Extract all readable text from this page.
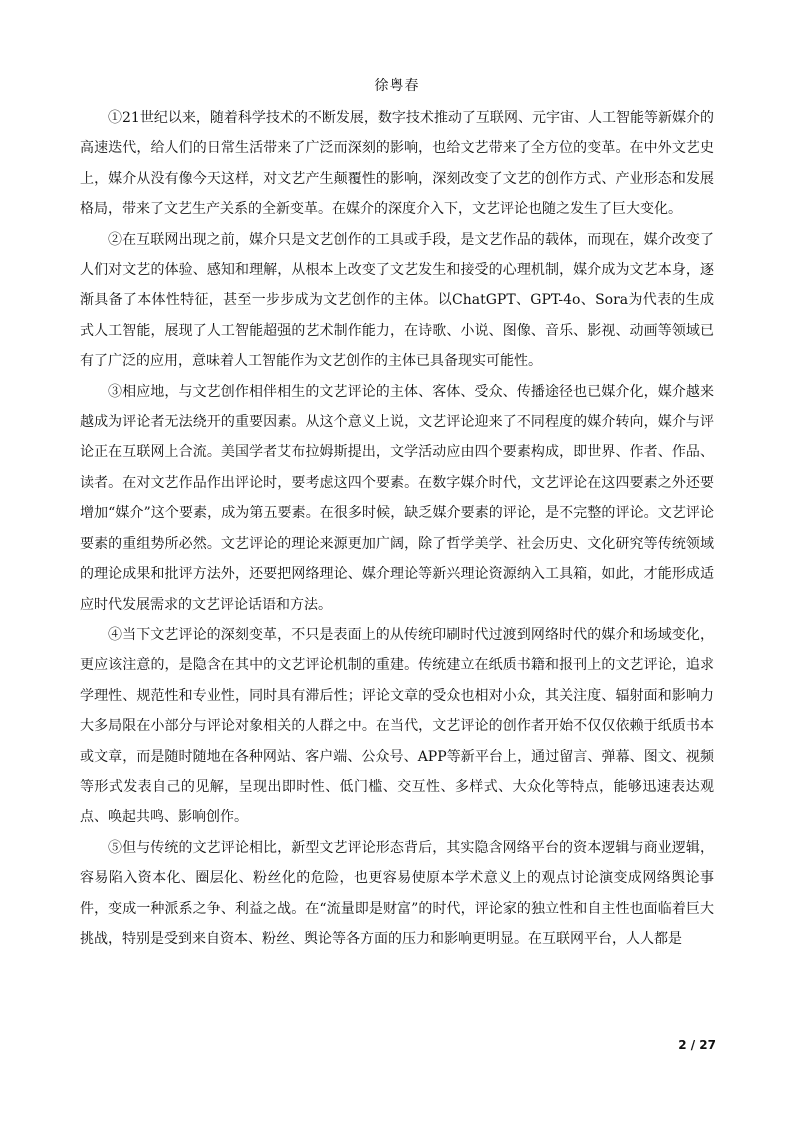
徐粤春

①21世纪以来，随着科学技术的不断发展，数字技术推动了互联网、元宇宙、人工智能等新媒介的高速迭代，给人们的日常生活带来了广泛而深刻的影响，也给文艺带来了全方位的变革。在中外文艺史上，媒介从没有像今天这样，对文艺产生颠覆性的影响，深刻改变了文艺的创作方式、产业形态和发展格局，带来了文艺生产关系的全新变革。在媒介的深度介入下，文艺评论也随之发生了巨大变化。

②在互联网出现之前，媒介只是文艺创作的工具或手段，是文艺作品的载体，而现在，媒介改变了人们对文艺的体验、感知和理解，从根本上改变了文艺发生和接受的心理机制，媒介成为文艺本身，逐渐具备了本体性特征，甚至一步步成为文艺创作的主体。以ChatGPT、GPT-4o、Sora为代表的生成式人工智能，展现了人工智能超强的艺术制作能力，在诗歌、小说、图像、音乐、影视、动画等领域已有了广泛的应用，意味着人工智能作为文艺创作的主体已具备现实可能性。

③相应地，与文艺创作相伴相生的文艺评论的主体、客体、受众、传播途径也已媒介化，媒介越来越成为评论者无法绕开的重要因素。从这个意义上说，文艺评论迎来了不同程度的媒介转向，媒介与评论正在互联网上合流。美国学者艾布拉姆斯提出，文学活动应由四个要素构成，即世界、作者、作品、读者。在对文艺作品作出评论时，要考虑这四个要素。在数字媒介时代，文艺评论在这四要素之外还要增加“媒介”这个要素，成为第五要素。在很多时候，缺乏媒介要素的评论，是不完整的评论。文艺评论要素的重组势所必然。文艺评论的理论来源更加广阔，除了哲学美学、社会历史、文化研究等传统领域的理论成果和批评方法外，还要把网络理论、媒介理论等新兴理论资源纳入工具箱，如此，才能形成适应时代发展需求的文艺评论话语和方法。

④当下文艺评论的深刻变革，不只是表面上的从传统印刷时代过渡到网络时代的媒介和场域变化，更应该注意的，是隐含在其中的文艺评论机制的重建。传统建立在纸质书籍和报刊上的文艺评论，追求学理性、规范性和专业性，同时具有滞后性；评论文章的受众也相对小众，其关注度、辐射面和影响力大多局限在小部分与评论对象相关的人群之中。在当代，文艺评论的创作者开始不仅仅依赖于纸质书本或文章，而是随时随地在各种网站、客户端、公众号、APP等新平台上，通过留言、弹幕、图文、视频等形式发表自己的见解，呈现出即时性、低门槛、交互性、多样式、大众化等特点，能够迅速表达观点、唤起共鸣、影响创作。

⑤但与传统的文艺评论相比，新型文艺评论形态背后，其实隐含网络平台的资本逻辑与商业逻辑，容易陷入资本化、圈层化、粉丝化的危险，也更容易使原本学术意义上的观点讨论演变成网络舆论事件，变成一种派系之争、利益之战。在“流量即是财富”的时代，评论家的独立性和自主性也面临着巨大挑战，特别是受到来自资本、粉丝、舆论等各方面的压力和影响更明显。在互联网平台，人人都是

2 / 27
